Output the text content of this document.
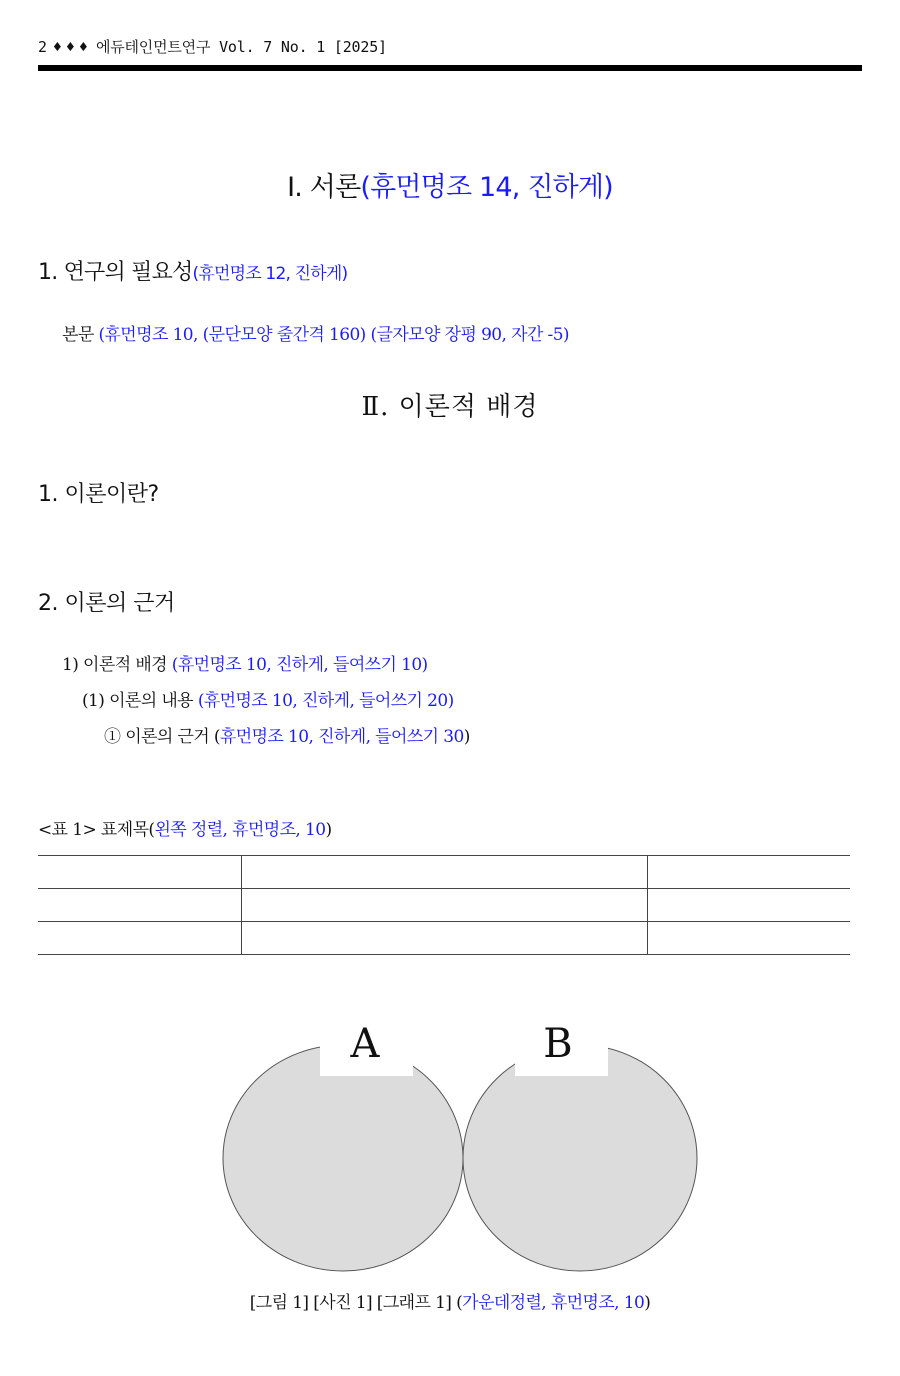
2 ♦♦♦ 에듀테인먼트연구 Vol. 7 No. 1 [2025]
Ⅰ. 서론(휴먼명조 14, 진하게)
1. 연구의 필요성(휴먼명조 12, 진하게)
본문 (휴먼명조 10, (문단모양 줄간격 160) (글자모양 장평 90, 자간 -5)
Ⅱ. 이론적 배경
1. 이론이란?
2. 이론의 근거
1) 이론적 배경 (휴먼명조 10, 진하게, 들여쓰기 10)
(1) 이론의 내용 (휴먼명조 10, 진하게, 들어쓰기 20)
① 이론의 근거 (휴먼명조 10, 진하게, 들어쓰기 30)
<표 1> 표제목(왼쪽 정렬, 휴먼명조, 10)

A	B
[그림 1] [사진 1] [그래프 1] (가운데정렬, 휴먼명조, 10)
